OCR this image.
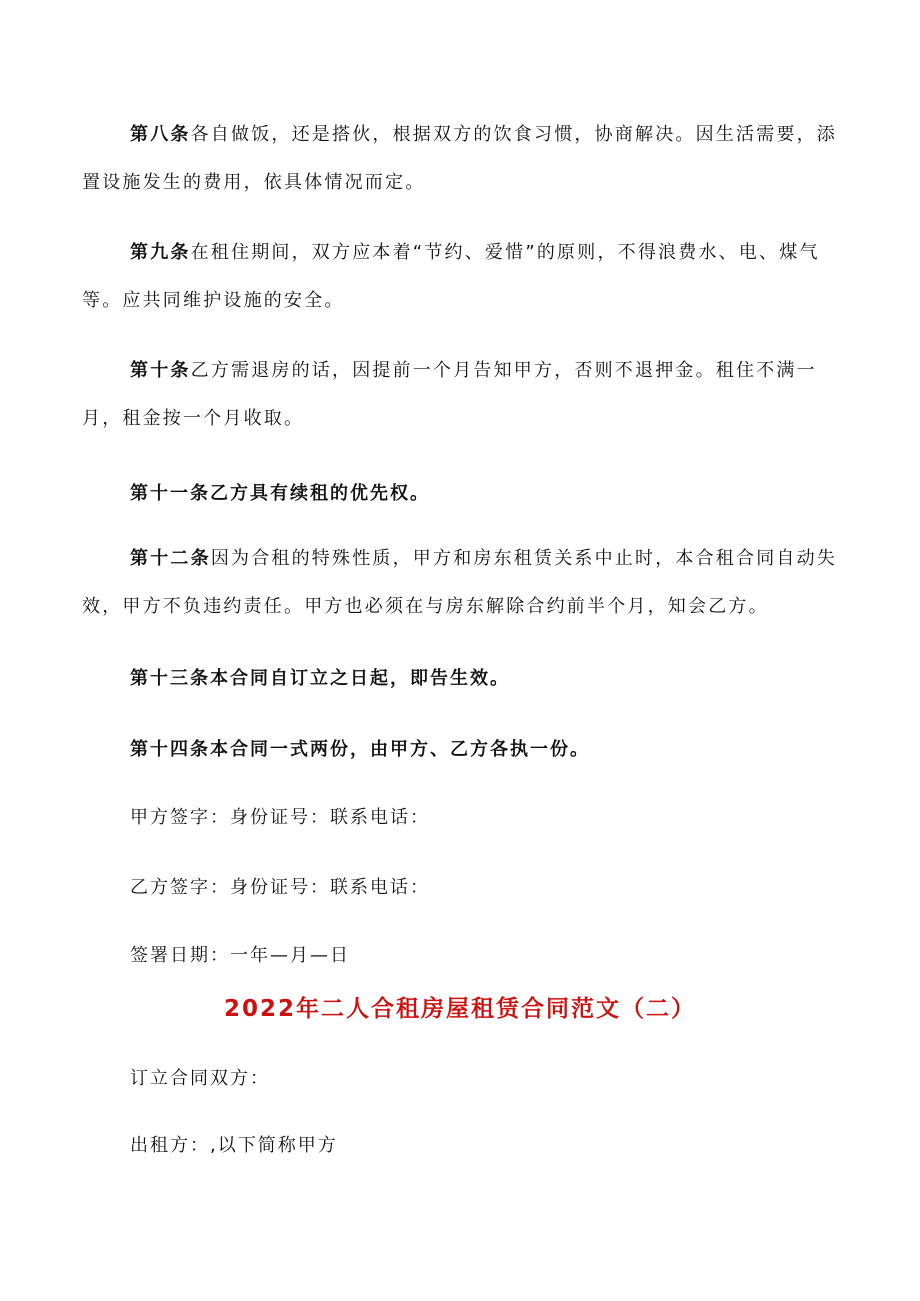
第八条各自做饭，还是搭伙，根据双方的饮食习惯，协商解决。因生活需要，添置设施发生的费用，依具体情况而定。

第九条在租住期间，双方应本着“节约、爱惜”的原则，不得浪费水、电、煤气等。应共同维护设施的安全。

第十条乙方需退房的话，因提前一个月告知甲方，否则不退押金。租住不满一月，租金按一个月收取。

第十一条乙方具有续租的优先权。

第十二条因为合租的特殊性质，甲方和房东租赁关系中止时，本合租合同自动失效，甲方不负违约责任。甲方也必须在与房东解除合约前半个月，知会乙方。

第十三条本合同自订立之日起，即告生效。

第十四条本合同一式两份，由甲方、乙方各执一份。

甲方签字：身份证号：联系电话：

乙方签字：身份证号：联系电话：

签署日期：一年—月—日

2022年二人合租房屋租赁合同范文（二）

订立合同双方：

出租方：,以下简称甲方
